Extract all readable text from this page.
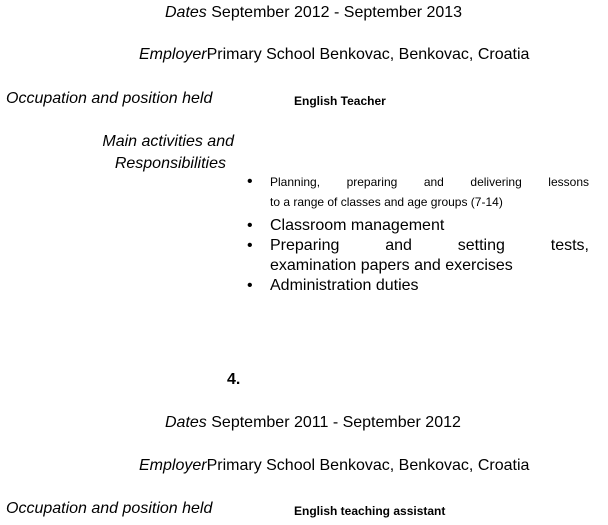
Dates September 2012 - September 2013
EmployerPrimary School Benkovac, Benkovac, Croatia
Occupation and position held	English Teacher
Main activities and
Responsibilities
• Planning, preparing and delivering lessons
to a range of classes and age groups (7-14)
• Classroom management
• Preparing	and	setting	tests,
examination papers and exercises
• Administration duties
4.
Dates September 2011 - September 2012
EmployerPrimary School Benkovac, Benkovac, Croatia
Occupation and position held	English teaching assistant
